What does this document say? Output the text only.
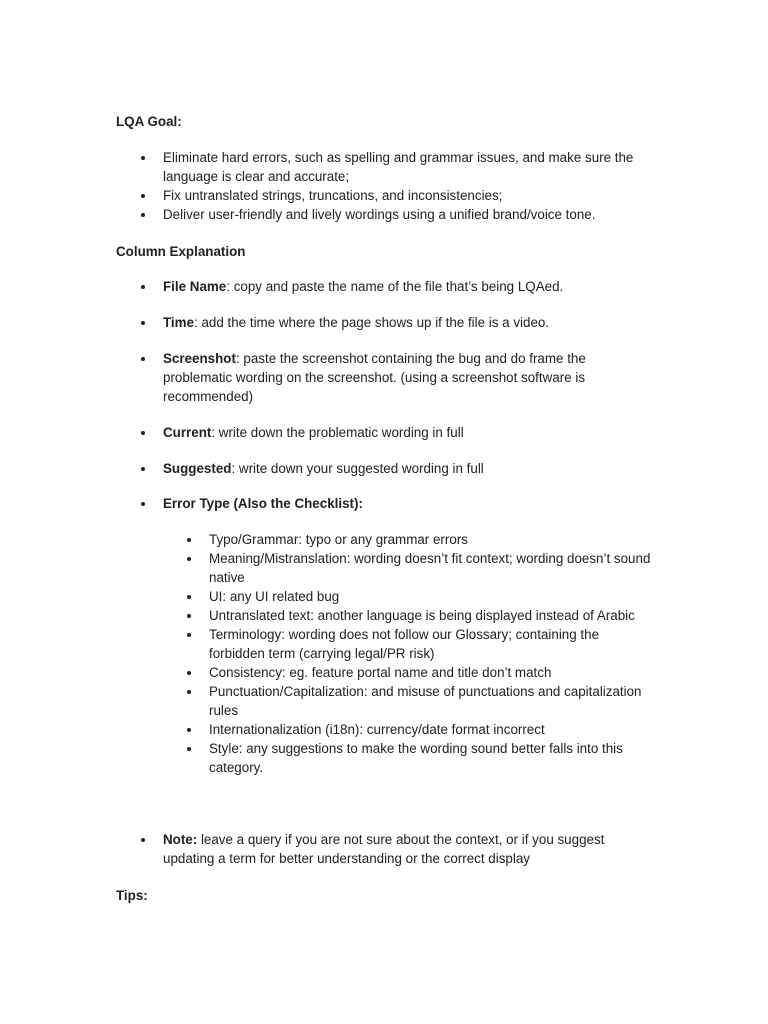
LQA Goal:

Eliminate hard errors, such as spelling and grammar issues, and make sure the language is clear and accurate;
Fix untranslated strings, truncations, and inconsistencies;
Deliver user-friendly and lively wordings using a unified brand/voice tone.

Column Explanation

File Name: copy and paste the name of the file that’s being LQAed.
Time: add the time where the page shows up if the file is a video.
Screenshot: paste the screenshot containing the bug and do frame the problematic wording on the screenshot. (using a screenshot software is recommended)
Current: write down the problematic wording in full
Suggested: write down your suggested wording in full
Error Type (Also the Checklist):
Typo/Grammar: typo or any grammar errors
Meaning/Mistranslation: wording doesn’t fit context; wording doesn’t sound native
UI: any UI related bug
Untranslated text: another language is being displayed instead of Arabic
Terminology: wording does not follow our Glossary; containing the forbidden term (carrying legal/PR risk)
Consistency: eg. feature portal name and title don’t match
Punctuation/Capitalization: and misuse of punctuations and capitalization rules
Internationalization (i18n): currency/date format incorrect
Style: any suggestions to make the wording sound better falls into this category.
Note: leave a query if you are not sure about the context, or if you suggest updating a term for better understanding or the correct display

Tips:
